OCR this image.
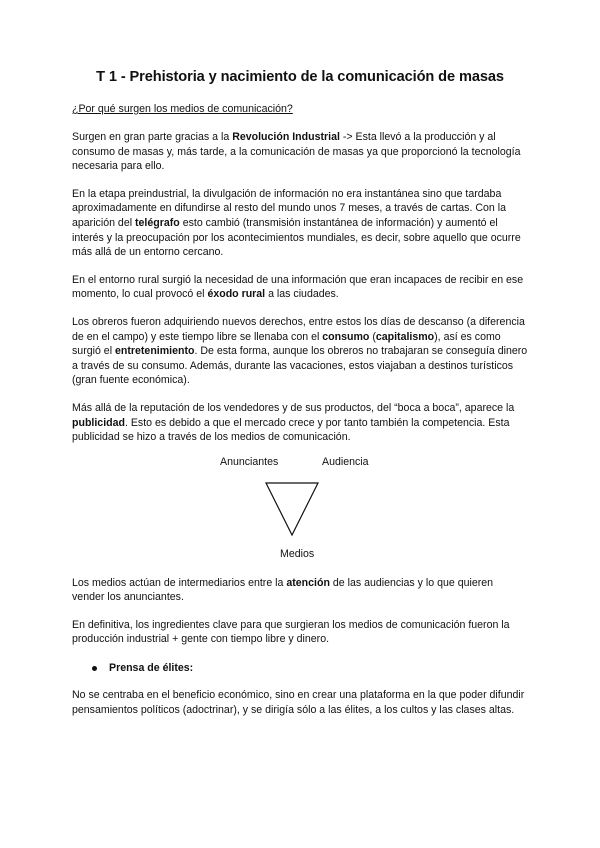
T 1 - Prehistoria y nacimiento de la comunicación de masas
¿Por qué surgen los medios de comunicación?

Surgen en gran parte gracias a la Revolución Industrial -> Esta llevó a la producción y al consumo de masas y, más tarde, a la comunicación de masas ya que proporcionó la tecnología necesaria para ello.

En la etapa preindustrial, la divulgación de información no era instantánea sino que tardaba aproximadamente en difundirse al resto del mundo unos 7 meses, a través de cartas. Con la aparición del telégrafo esto cambió (transmisión instantánea de información) y aumentó el interés y la preocupación por los acontecimientos mundiales, es decir, sobre aquello que ocurre más allá de un entorno cercano.

En el entorno rural surgió la necesidad de una información que eran incapaces de recibir en ese momento, lo cual provocó el éxodo rural a las ciudades.

Los obreros fueron adquiriendo nuevos derechos, entre estos los días de descanso (a diferencia de en el campo) y este tiempo libre se llenaba con el consumo (capitalismo), así es como surgió el entretenimiento. De esta forma, aunque los obreros no trabajaran se conseguía dinero a través de su consumo. Además, durante las vacaciones, estos viajaban a destinos turísticos (gran fuente económica).

Más allá de la reputación de los vendedores y de sus productos, del “boca a boca”, aparece la publicidad. Esto es debido a que el mercado crece y por tanto también la competencia. Esta publicidad se hizo a través de los medios de comunicación.

Anunciantes	Audiencia
Medios

Los medios actúan de intermediarios entre la atención de las audiencias y lo que quieren vender los anunciantes.

En definitiva, los ingredientes clave para que surgieran los medios de comunicación fueron la producción industrial + gente con tiempo libre y dinero.

Prensa de élites:

No se centraba en el beneficio económico, sino en crear una plataforma en la que poder difundir pensamientos políticos (adoctrinar), y se dirigía sólo a las élites, a los cultos y las clases altas.
